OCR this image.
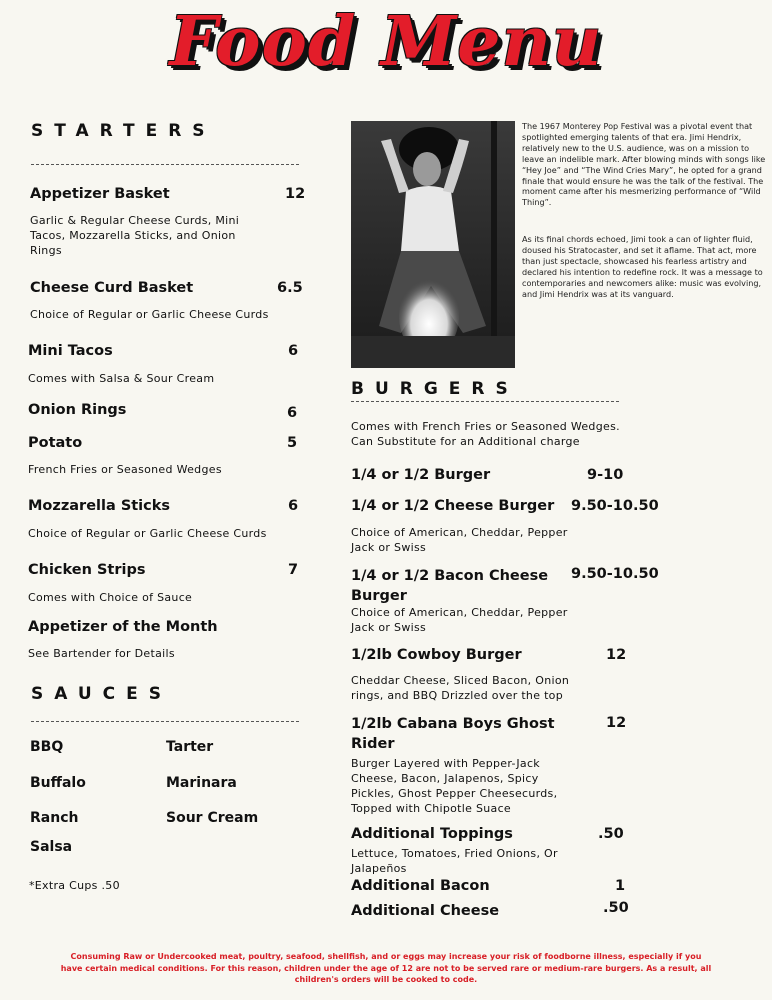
Food Menu
STARTERS
Appetizer Basket	12
Garlic & Regular Cheese Curds, Mini Tacos, Mozzarella Sticks, and Onion Rings
Cheese Curd Basket	6.5
Choice of Regular or Garlic Cheese Curds
Mini Tacos	6
Comes with Salsa & Sour Cream
Onion Rings	6
Potato	5
French Fries or Seasoned Wedges
Mozzarella Sticks	6
Choice of Regular or Garlic Cheese Curds
Chicken Strips	7
Comes with Choice of Sauce
Appetizer of the Month
See Bartender for Details
SAUCES
BBQ	Tarter
Buffalo	Marinara
Ranch	Sour Cream
Salsa
*Extra Cups .50
The 1967 Monterey Pop Festival was a pivotal event that spotlighted emerging talents of that era. Jimi Hendrix, relatively new to the U.S. audience, was on a mission to leave an indelible mark. After blowing minds with songs like “Hey Joe” and “The Wind Cries Mary”, he opted for a grand finale that would ensure he was the talk of the festival. The moment came after his mesmerizing performance of “Wild Thing”.
As its final chords echoed, Jimi took a can of lighter fluid, doused his Stratocaster, and set it aflame. That act, more than just spectacle, showcased his fearless artistry and declared his intention to redefine rock. It was a message to contemporaries and newcomers alike: music was evolving, and Jimi Hendrix was at its vanguard.
BURGERS
Comes with French Fries or Seasoned Wedges. Can Substitute for an Additional charge
1/4 or 1/2 Burger	9-10
1/4 or 1/2 Cheese Burger 9.50-10.50
Choice of American, Cheddar, Pepper Jack or Swiss
1/4 or 1/2 Bacon Cheese Burger
9.50-10.50
Choice of American, Cheddar, Pepper Jack or Swiss
1/2lb Cowboy Burger	12
Cheddar Cheese, Sliced Bacon, Onion rings, and BBQ Drizzled over the top
1/2lb Cabana Boys Ghost Rider
12
Burger Layered with Pepper-Jack Cheese, Bacon, Jalapenos, Spicy Pickles, Ghost Pepper Cheesecurds, Topped with Chipotle Suace
Additional Toppings	.50
Lettuce, Tomatoes, Fried Onions, Or Jalapeños
Additional Bacon	1
Additional Cheese	.50
Consuming Raw or Undercooked meat, poultry, seafood, shellfish, and or eggs may increase your risk of foodborne illness, especially if you have certain medical conditions. For this reason, children under the age of 12 are not to be served rare or medium-rare burgers. As a result, all children's orders will be cooked to code.
